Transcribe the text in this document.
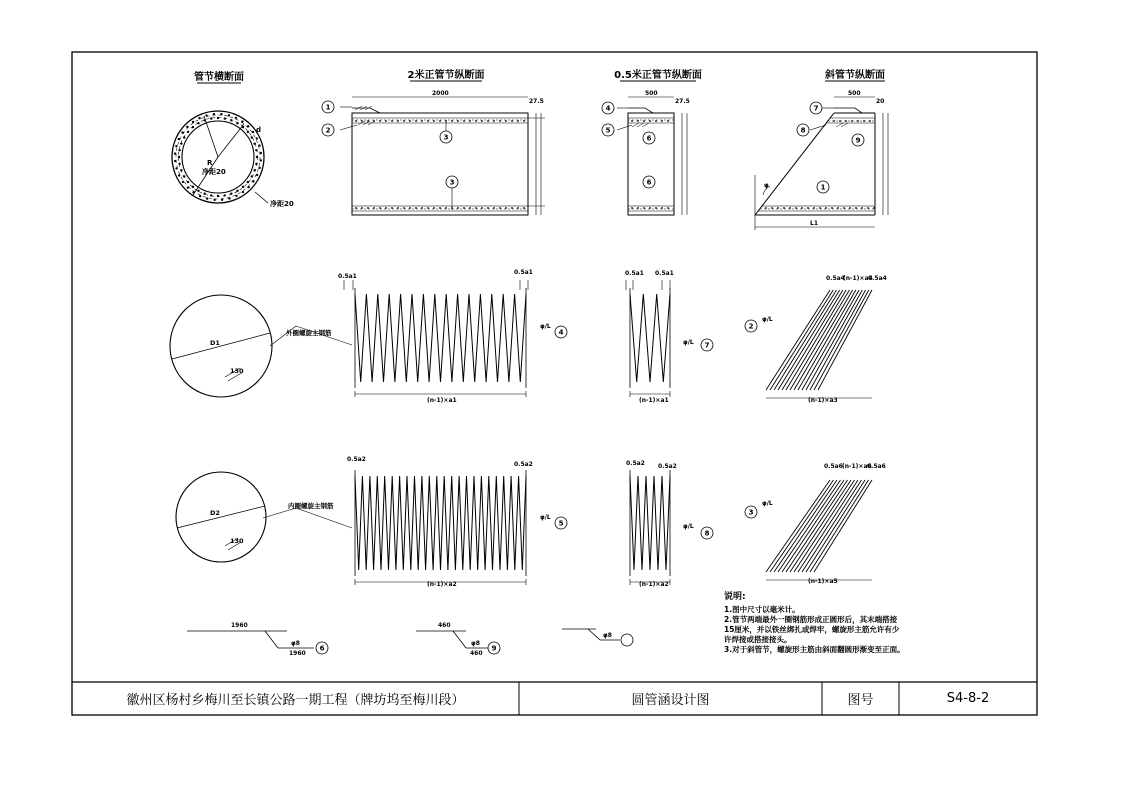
管节横断面	2米正管节纵断面	0.5米正管节纵断面	斜管节纵断面
净距20
净距20
R
d
2000
27.5
500
27.5
500
20
L1
φ
外圈螺旋主钢筋
D1
130
0.5a1
0.5a1
(n-1)×a1
0.5a1 0.5a1
(n-1)×a1
0.5a4
(n-1)×a4
0.5a4
(n-1)×a3
φ/L
φ/L
φ/L
内圈螺旋主钢筋
D2
130
0.5a2
0.5a2
(n-1)×a2
0.5a2 0.5a2
(n-1)×a2
0.5a6 (n-1)×a6
0.5a6
(n-1)×a5
φ/L
φ/L
φ/L
1960
φ8
1960
460
φ8
460
φ8
1
2
3
3
4
5
6
6
7
8
9
1
4
7
2
5
8
3
6	9
说明:
1.图中尺寸以毫米计。
2.管节两端最外一圈钢筋形成正圆形后，其末端搭接
15厘米，并以铁丝绑扎或焊牢，螺旋形主筋允许有少
许焊接或搭接接头。
3.对于斜管节，螺旋形主筋由斜面翻圆形渐变至正面。
徽州区杨村乡梅川至长镇公路一期工程（牌坊坞至梅川段）	圆管涵设计图	图号	S4-8-2
